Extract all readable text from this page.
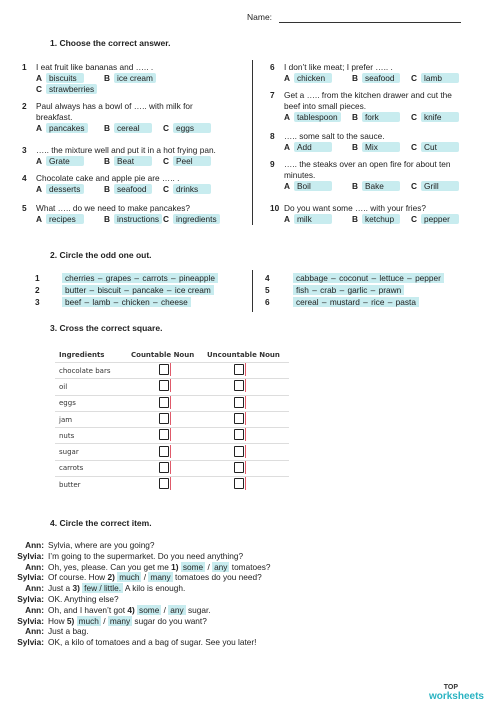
Name:
1. Choose the correct answer.
1 I eat fruit like bananas and ….. .
A biscuits	B ice cream
C strawberries
2 Paul always has a bowl of ….. with milk for
breakfast.
A pancakes	B cereal	C eggs
3 ….. the mixture well and put it in a hot frying pan.
A Grate	B Beat	C Peel
4 Chocolate cake and apple pie are ….. .
A desserts	B seafood	C drinks
5 What ….. do we need to make pancakes?
A recipes	B instructions C ingredients
6 I don’t like meat; I prefer ….. .
A chicken	B seafood	C lamb
7 Get a ….. from the kitchen drawer and cut the
beef into small pieces.
A tablespoon	B fork	C knife
8 ….. some salt to the sauce.
A Add	B Mix	C Cut
9 ….. the steaks over an open fire for about ten
minutes.
A Boil	B Bake	C Grill
10 Do you want some ….. with your fries?
A milk	B ketchup	C pepper
2. Circle the odd one out.
1	cherries – grapes – carrots – pineapple
2	butter – biscuit – pancake – ice cream
3	beef – lamb – chicken – cheese
4	cabbage – coconut – lettuce – pepper
5	fish – crab – garlic – prawn
6	cereal – mustard – rice – pasta
3. Cross the correct square.
Ingredients	Countable Noun	Uncountable Noun
chocolate bars		
oil		
eggs		
jam		
nuts		
sugar		
carrots		
butter		
4. Circle the correct item.
Ann: Sylvia, where are you going?
Sylvia: I’m going to the supermarket. Do you need anything?
Ann: Oh, yes, please. Can you get me 1) some / any tomatoes?
Sylvia: Of course. How 2) much / many tomatoes do you need?
Ann: Just a 3) few / little. A kilo is enough.
Sylvia: OK. Anything else?
Ann: Oh, and I haven’t got 4) some / any sugar.
Sylvia: How 5) much / many sugar do you want?
Ann: Just a bag.
Sylvia: OK, a kilo of tomatoes and a bag of sugar. See you later!
TOP
worksheets
